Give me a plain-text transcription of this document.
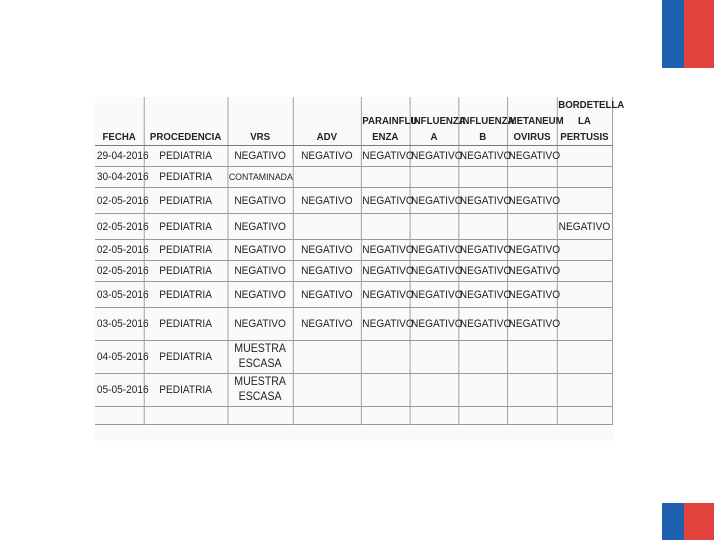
FECHA	PROCEDENCIA	VRS	ADV	PARAINFLU ENZA	INFLUENZA A	INFLUENZA B	METANEUM OVIRUS	BORDETELLA LA PERTUSIS
29-04-2016	PEDIATRIA	NEGATIVO	NEGATIVO	NEGATIVO	NEGATIVO	NEGATIVO	NEGATIVO	
30-04-2016	PEDIATRIA	CONTAMINADA						
02-05-2016	PEDIATRIA	NEGATIVO	NEGATIVO	NEGATIVO	NEGATIVO	NEGATIVO	NEGATIVO	
02-05-2016	PEDIATRIA	NEGATIVO						NEGATIVO
02-05-2016	PEDIATRIA	NEGATIVO	NEGATIVO	NEGATIVO	NEGATIVO	NEGATIVO	NEGATIVO	
02-05-2016	PEDIATRIA	NEGATIVO	NEGATIVO	NEGATIVO	NEGATIVO	NEGATIVO	NEGATIVO	
03-05-2016	PEDIATRIA	NEGATIVO	NEGATIVO	NEGATIVO	NEGATIVO	NEGATIVO	NEGATIVO	
03-05-2016	PEDIATRIA	NEGATIVO	NEGATIVO	NEGATIVO	NEGATIVO	NEGATIVO	NEGATIVO	
04-05-2016	PEDIATRIA	MUESTRA ESCASA						
05-05-2016	PEDIATRIA	MUESTRA ESCASA						
